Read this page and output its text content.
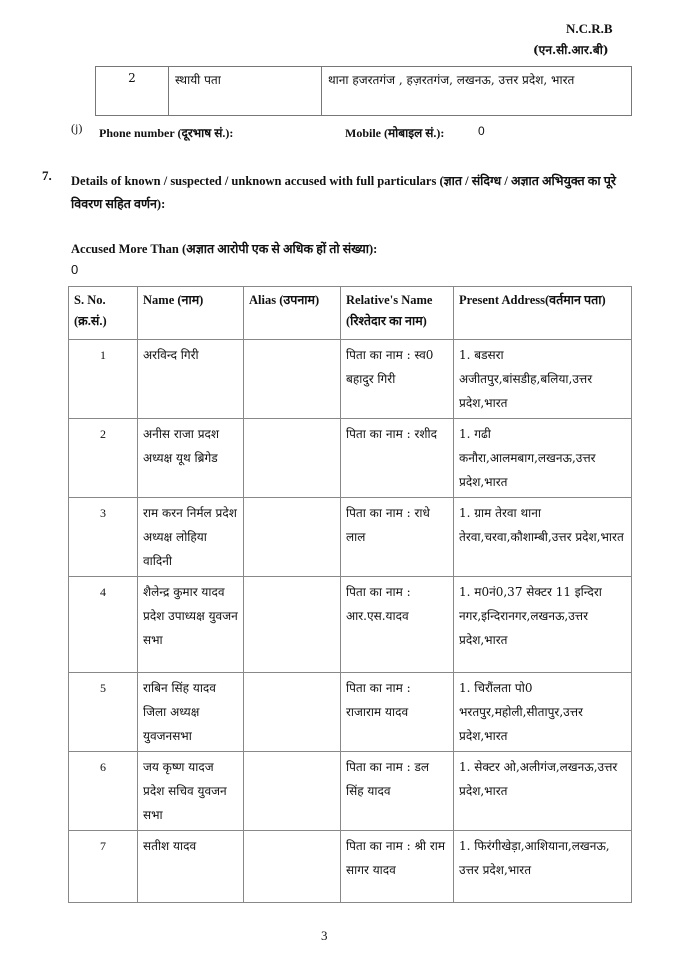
N.C.R.B
(एन.सी.आर.बी)
2	स्थायी पता	थाना हजरतगंज , हज़रतगंज, लखनऊ, उत्तर प्रदेश, भारत
(j) Phone number (दूरभाष सं.):	Mobile (मोबाइल सं.):	0
7. Details of known / suspected / unknown accused with full particulars (ज्ञात / संदिग्ध / अज्ञात अभियुक्त का पूरे विवरण सहित वर्णन):
Accused More Than (अज्ञात आरोपी एक से अधिक हों तो संख्या):
0
S. No. (क्र.सं.)	Name (नाम)	Alias (उपनाम)	Relative's Name (रिश्तेदार का नाम)	Present Address(वर्तमान पता)
1	अरविन्द गिरी		पिता का नाम : स्व0 बहादुर गिरी	1. बडसरा अजीतपुर,बांसडीह,बलिया,उत्तर प्रदेश,भारत
2	अनीस राजा प्रदश अध्यक्ष यूथ ब्रिगेड		पिता का नाम : रशीद	1. गढी कनौरा,आलमबाग,लखनऊ,उत्तर प्रदेश,भारत
3	राम करन निर्मल प्रदेश अध्यक्ष लोहिया वादिनी		पिता का नाम : राधे लाल	1. ग्राम तेरवा थाना तेरवा,चरवा,कौशाम्बी,उत्तर प्रदेश,भारत
4	शैलेन्द्र कुमार यादव प्रदेश उपाध्यक्ष युवजन सभा		पिता का नाम : आर.एस.यादव	1. म0नं0,37 सेक्टर 11 इन्दिरा नगर,इन्दिरानगर,लखनऊ,उत्तर प्रदेश,भारत
5	राबिन सिंह यादव जिला अध्यक्ष युवजनसभा		पिता का नाम : राजाराम यादव	1. चिरौंलता पो0 भरतपुर,महोली,सीतापुर,उत्तर प्रदेश,भारत
6	जय कृष्ण यादज प्रदेश सचिव युवजन सभा		पिता का नाम : डल सिंह यादव	1. सेक्टर ओ,अलीगंज,लखनऊ,उत्तर प्रदेश,भारत
7	सतीश यादव		पिता का नाम : श्री राम सागर यादव	1. फिरंगीखेड़ा,आशियाना,लखनऊ, उत्तर प्रदेश,भारत
3
